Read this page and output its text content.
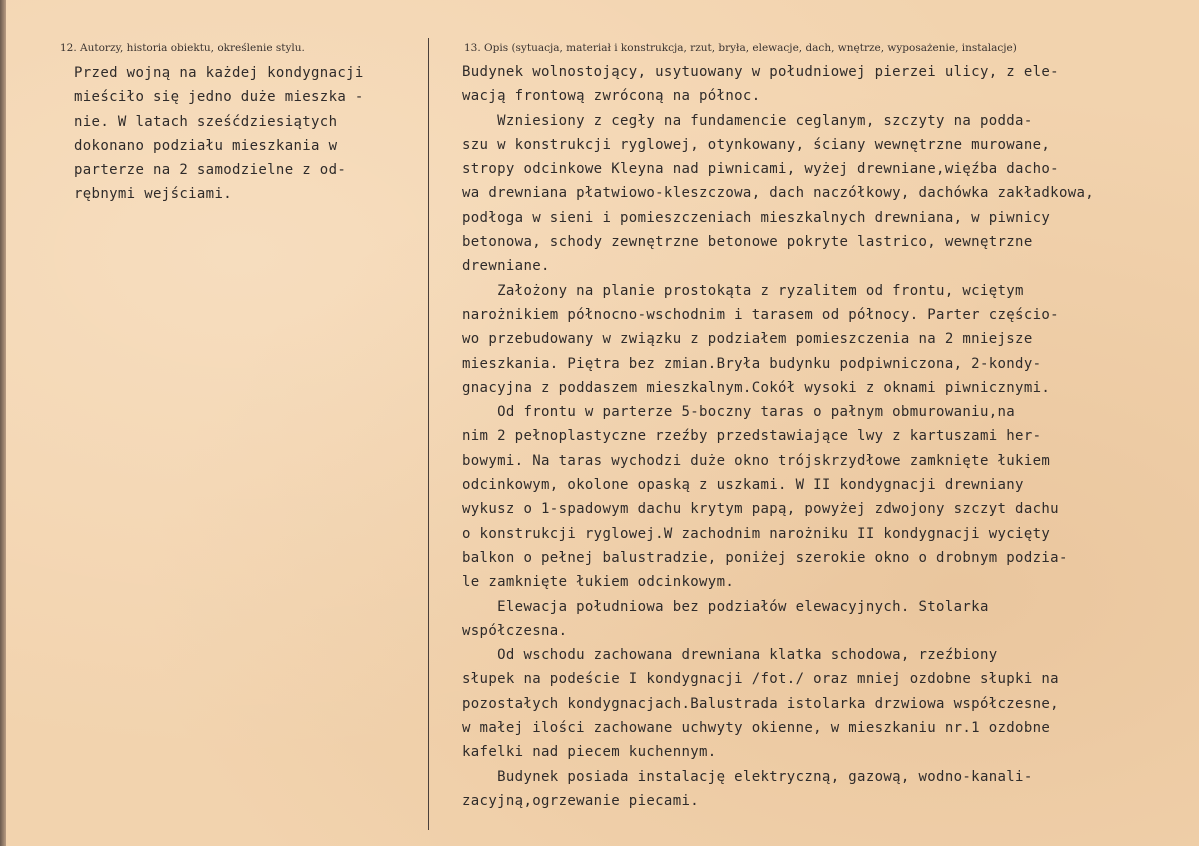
12. Autorzy, historia obiektu, określenie stylu.	13. Opis (sytuacja, materiał i konstrukcja, rzut, bryła, elewacje, dach, wnętrze, wyposażenie, instalacje)
Przed wojną na każdej kondygnacji
mieściło się jedno duże mieszka -
nie. W latach sześćdziesiątych
dokonano podziału mieszkania w
parterze na 2 samodzielne z od-
rębnymi wejściami.
Budynek wolnostojący, usytuowany w południowej pierzei ulicy, z ele-
wacją frontową zwróconą na północ.
Wzniesiony z cegły na fundamencie ceglanym, szczyty na podda-
szu w konstrukcji ryglowej, otynkowany, ściany wewnętrzne murowane,
stropy odcinkowe Kleyna nad piwnicami, wyżej drewniane,więźba dacho-
wa drewniana płatwiowo-kleszczowa, dach naczółkowy, dachówka zakładkowa,
podłoga w sieni i pomieszczeniach mieszkalnych drewniana, w piwnicy
betonowa, schody zewnętrzne betonowe pokryte lastrico, wewnętrzne
drewniane.
Założony na planie prostokąta z ryzalitem od frontu, wciętym
narożnikiem północno-wschodnim i tarasem od północy. Parter częścio-
wo przebudowany w związku z podziałem pomieszczenia na 2 mniejsze
mieszkania. Piętra bez zmian.Bryła budynku podpiwniczona, 2-kondy-
gnacyjna z poddaszem mieszkalnym.Cokół wysoki z oknami piwnicznymi.
Od frontu w parterze 5-boczny taras o pałnym obmurowaniu,na
nim 2 pełnoplastyczne rzeźby przedstawiające lwy z kartuszami her-
bowymi. Na taras wychodzi duże okno trójskrzydłowe zamknięte łukiem
odcinkowym, okolone opaską z uszkami. W II kondygnacji drewniany
wykusz o 1-spadowym dachu krytym papą, powyżej zdwojony szczyt dachu
o konstrukcji ryglowej.W zachodnim narożniku II kondygnacji wycięty
balkon o pełnej balustradzie, poniżej szerokie okno o drobnym podzia-
le zamknięte łukiem odcinkowym.
Elewacja południowa bez podziałów elewacyjnych. Stolarka
współczesna.
Od wschodu zachowana drewniana klatka schodowa, rzeźbiony
słupek na podeście I kondygnacji /fot./ oraz mniej ozdobne słupki na
pozostałych kondygnacjach.Balustrada istolarka drzwiowa współczesne,
w małej ilości zachowane uchwyty okienne, w mieszkaniu nr.1 ozdobne
kafelki nad piecem kuchennym.
Budynek posiada instalację elektryczną, gazową, wodno-kanali-
zacyjną,ogrzewanie piecami.
